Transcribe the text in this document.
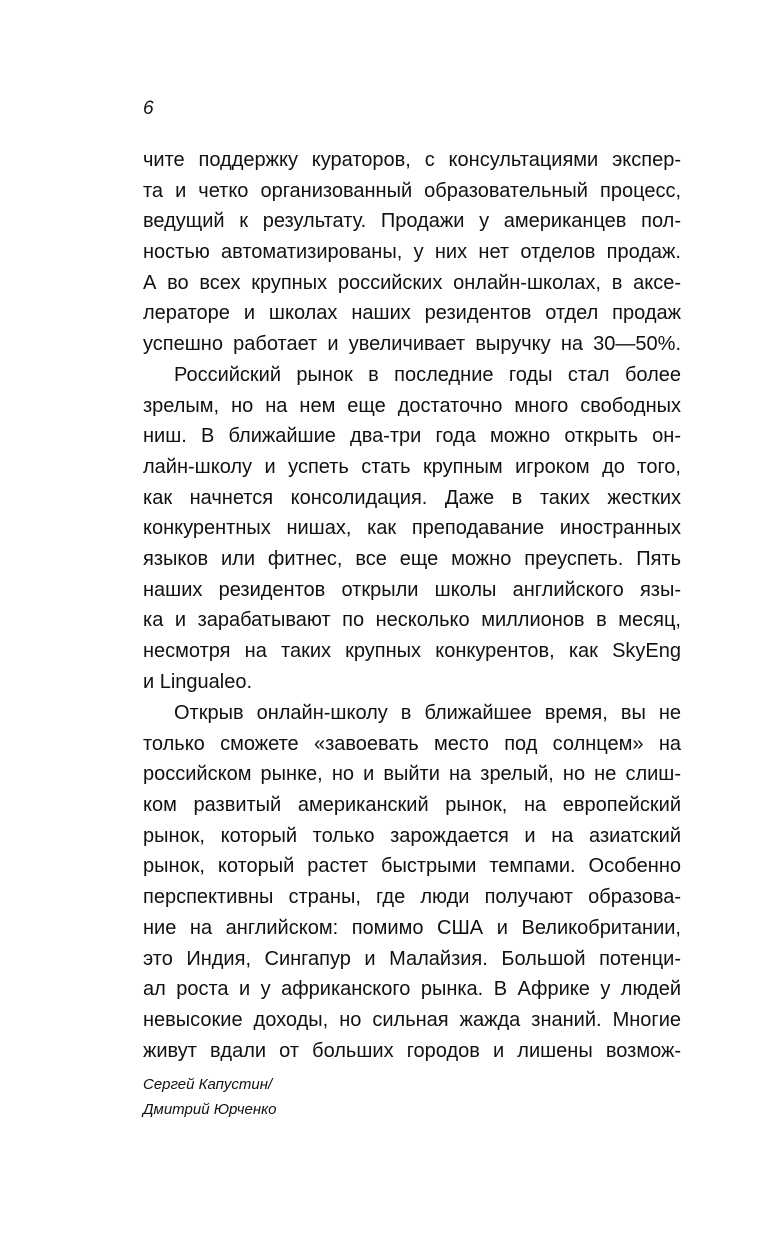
6
чите поддержку кураторов, с консультациями экспер-
та и четко организованный образовательный процесс,
ведущий к результату. Продажи у американцев пол-
ностью автоматизированы, у них нет отделов продаж.
А во всех крупных российских онлайн-школах, в аксе-
лераторе и школах наших резидентов отдел продаж
успешно работает и увеличивает выручку на 30—50%.
Российский рынок в последние годы стал более
зрелым, но на нем еще достаточно много свободных
ниш. В ближайшие два-три года можно открыть он-
лайн-школу и успеть стать крупным игроком до того,
как начнется консолидация. Даже в таких жестких
конкурентных нишах, как преподавание иностранных
языков или фитнес, все еще можно преуспеть. Пять
наших резидентов открыли школы английского язы-
ка и зарабатывают по несколько миллионов в месяц,
несмотря на таких крупных конкурентов, как SkyEng
и Lingualeo.
Открыв онлайн-школу в ближайшее время, вы не
только сможете «завоевать место под солнцем» на
российском рынке, но и выйти на зрелый, но не слиш-
ком развитый американский рынок, на европейский
рынок, который только зарождается и на азиатский
рынок, который растет быстрыми темпами. Особенно
перспективны страны, где люди получают образова-
ние на английском: помимо США и Великобритании,
это Индия, Сингапур и Малайзия. Большой потенци-
ал роста и у африканского рынка. В Африке у людей
невысокие доходы, но сильная жажда знаний. Многие
живут вдали от больших городов и лишены возмож-
Сергей Капустин/
Дмитрий Юрченко
